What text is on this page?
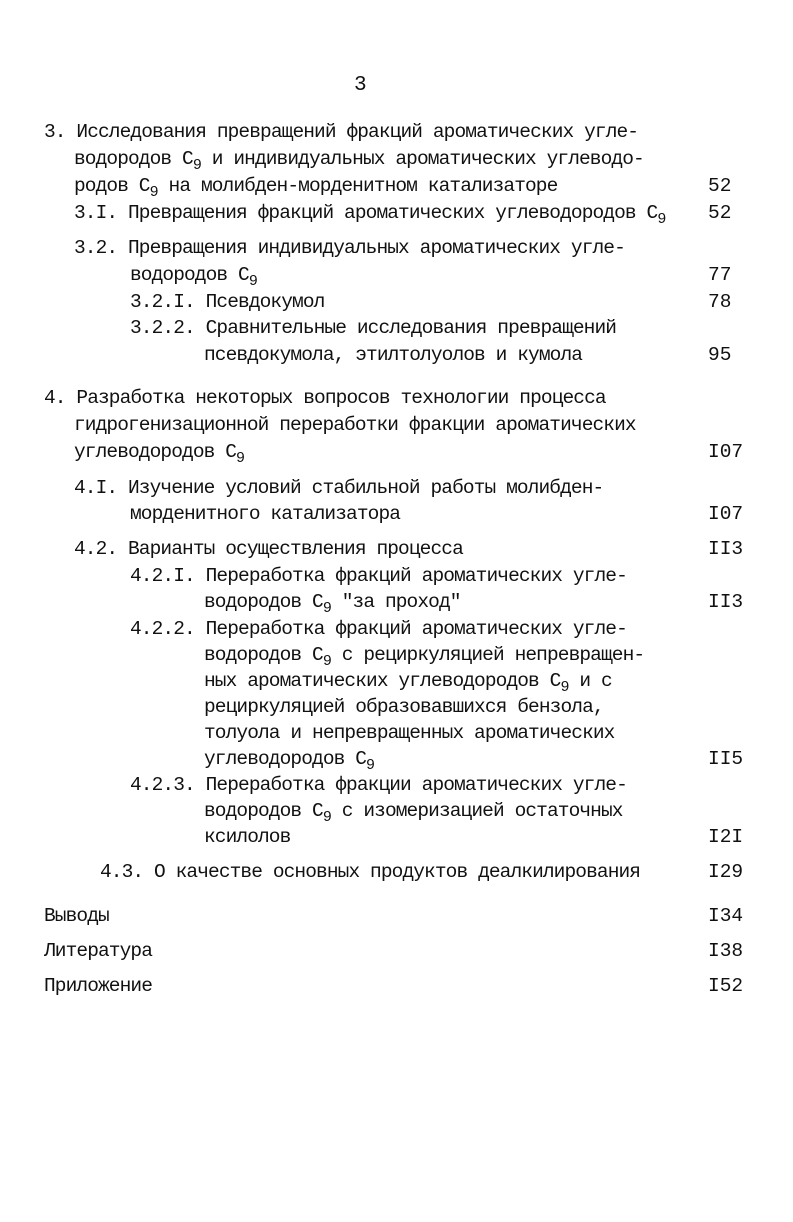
3
3. Исследования превращений фракций ароматических угле-
водородов $С_9$ и индивидуальных ароматических углеводо-
родов $С_9$ на молибден-морденитном катализаторе	52
3.I. Превращения фракций ароматических углеводородов $С_9$ 52
3.2. Превращения индивидуальных ароматических угле-
водородов $С_9$	77
3.2.I. Псевдокумол	78
3.2.2. Сравнительные исследования превращений
псевдокумола, этилтолуолов и кумола	95
4. Разработка некоторых вопросов технологии процесса
гидрогенизационной переработки фракции ароматических
углеводородов $С_9$	I07
4.I. Изучение условий стабильной работы молибден-
морденитного катализатора	I07
4.2. Варианты осуществления процесса	II3
4.2.I. Переработка фракций ароматических угле-
водородов $С_9$ "за проход"	II3
4.2.2. Переработка фракций ароматических угле-
водородов $С_9$ с рециркуляцией непревращен-
ных ароматических углеводородов $С_9$ и с
рециркуляцией образовавшихся бензола,
толуола и непревращенных ароматических
углеводородов $С_9$	II5
4.2.3. Переработка фракции ароматических угле-
водородов $С_9$ с изомеризацией остаточных
ксилолов	I2I
4.3. О качестве основных продуктов деалкилирования	I29
Выводы	I34
Литература	I38
Приложение	I52
